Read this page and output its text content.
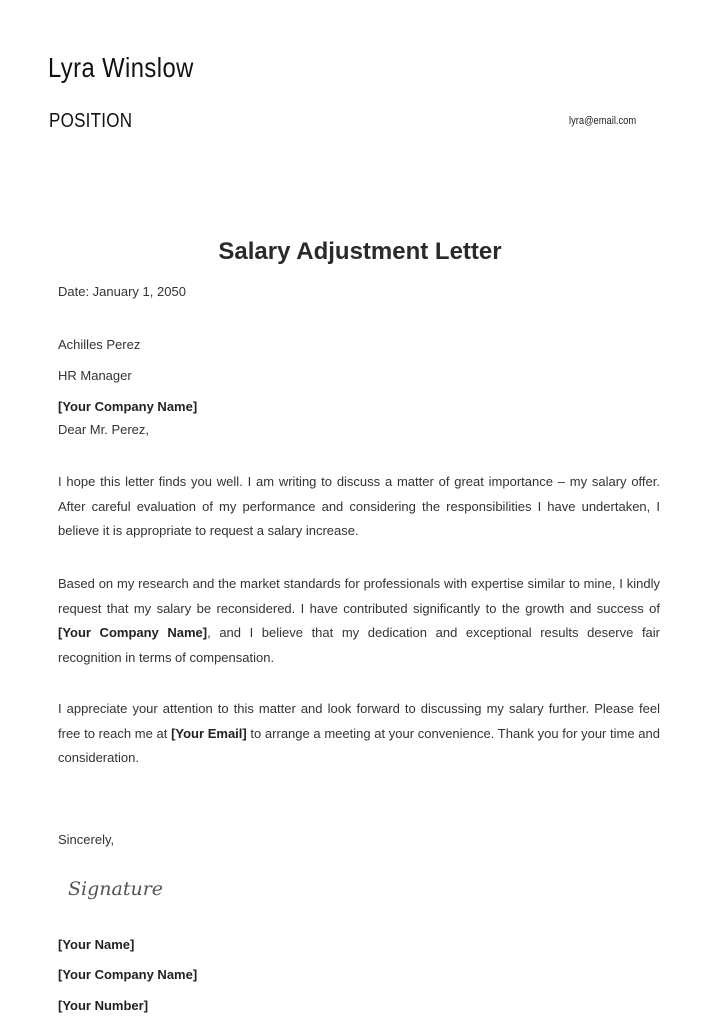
Lyra Winslow
POSITION	lyra@email.com
Salary Adjustment Letter
Date: January 1, 2050
Achilles Perez
HR Manager
[Your Company Name]
Dear Mr. Perez,

I hope this letter finds you well. I am writing to discuss a matter of great importance – my salary offer. After careful evaluation of my performance and considering the responsibilities I have undertaken, I believe it is appropriate to request a salary increase.

Based on my research and the market standards for professionals with expertise similar to mine, I kindly request that my salary be reconsidered. I have contributed significantly to the growth and success of [Your Company Name], and I believe that my dedication and exceptional results deserve fair recognition in terms of compensation.

I appreciate your attention to this matter and look forward to discussing my salary further. Please feel free to reach me at [Your Email] to arrange a meeting at your convenience. Thank you for your time and consideration.

Sincerely,
Signature
[Your Name]
[Your Company Name]
[Your Number]
